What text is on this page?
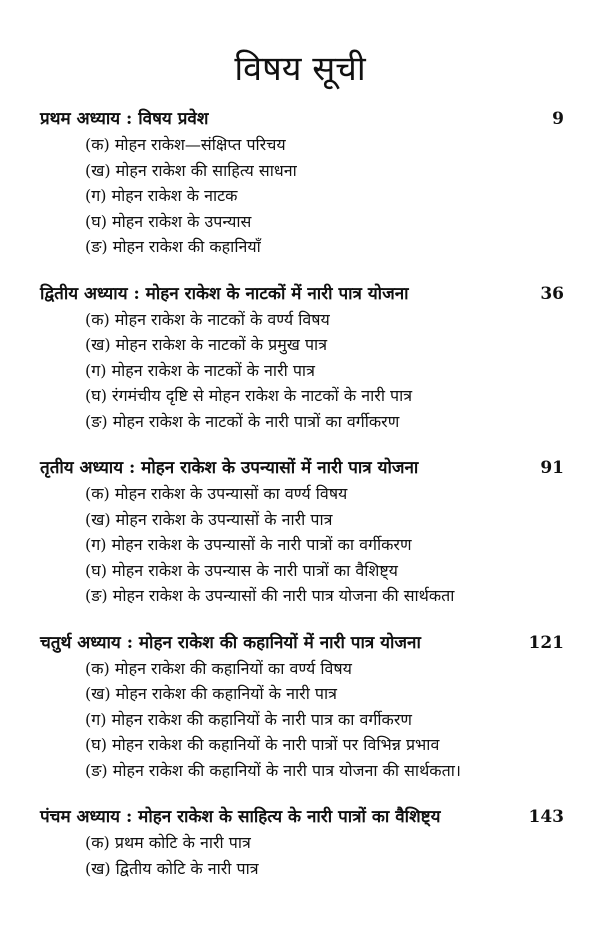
विषय सूची
प्रथम अध्याय : विषय प्रवेश	9
(क) मोहन राकेश—संक्षिप्त परिचय
(ख) मोहन राकेश की साहित्य साधना
(ग) मोहन राकेश के नाटक
(घ) मोहन राकेश के उपन्यास
(ङ) मोहन राकेश की कहानियाँ
द्वितीय अध्याय : मोहन राकेश के नाटकों में नारी पात्र योजना	36
(क) मोहन राकेश के नाटकों के वर्ण्य विषय
(ख) मोहन राकेश के नाटकों के प्रमुख पात्र
(ग) मोहन राकेश के नाटकों के नारी पात्र
(घ) रंगमंचीय दृष्टि से मोहन राकेश के नाटकों के नारी पात्र
(ङ) मोहन राकेश के नाटकों के नारी पात्रों का वर्गीकरण
तृतीय अध्याय : मोहन राकेश के उपन्यासों में नारी पात्र योजना	91
(क) मोहन राकेश के उपन्यासों का वर्ण्य विषय
(ख) मोहन राकेश के उपन्यासों के नारी पात्र
(ग) मोहन राकेश के उपन्यासों के नारी पात्रों का वर्गीकरण
(घ) मोहन राकेश के उपन्यास के नारी पात्रों का वैशिष्ट्य
(ङ) मोहन राकेश के उपन्यासों की नारी पात्र योजना की सार्थकता
चतुर्थ अध्याय : मोहन राकेश की कहानियों में नारी पात्र योजना	121
(क) मोहन राकेश की कहानियों का वर्ण्य विषय
(ख) मोहन राकेश की कहानियों के नारी पात्र
(ग) मोहन राकेश की कहानियों के नारी पात्र का वर्गीकरण
(घ) मोहन राकेश की कहानियों के नारी पात्रों पर विभिन्न प्रभाव
(ङ) मोहन राकेश की कहानियों के नारी पात्र योजना की सार्थकता।
पंचम अध्याय : मोहन राकेश के साहित्य के नारी पात्रों का वैशिष्ट्य	143
(क) प्रथम कोटि के नारी पात्र
(ख) द्वितीय कोटि के नारी पात्र
